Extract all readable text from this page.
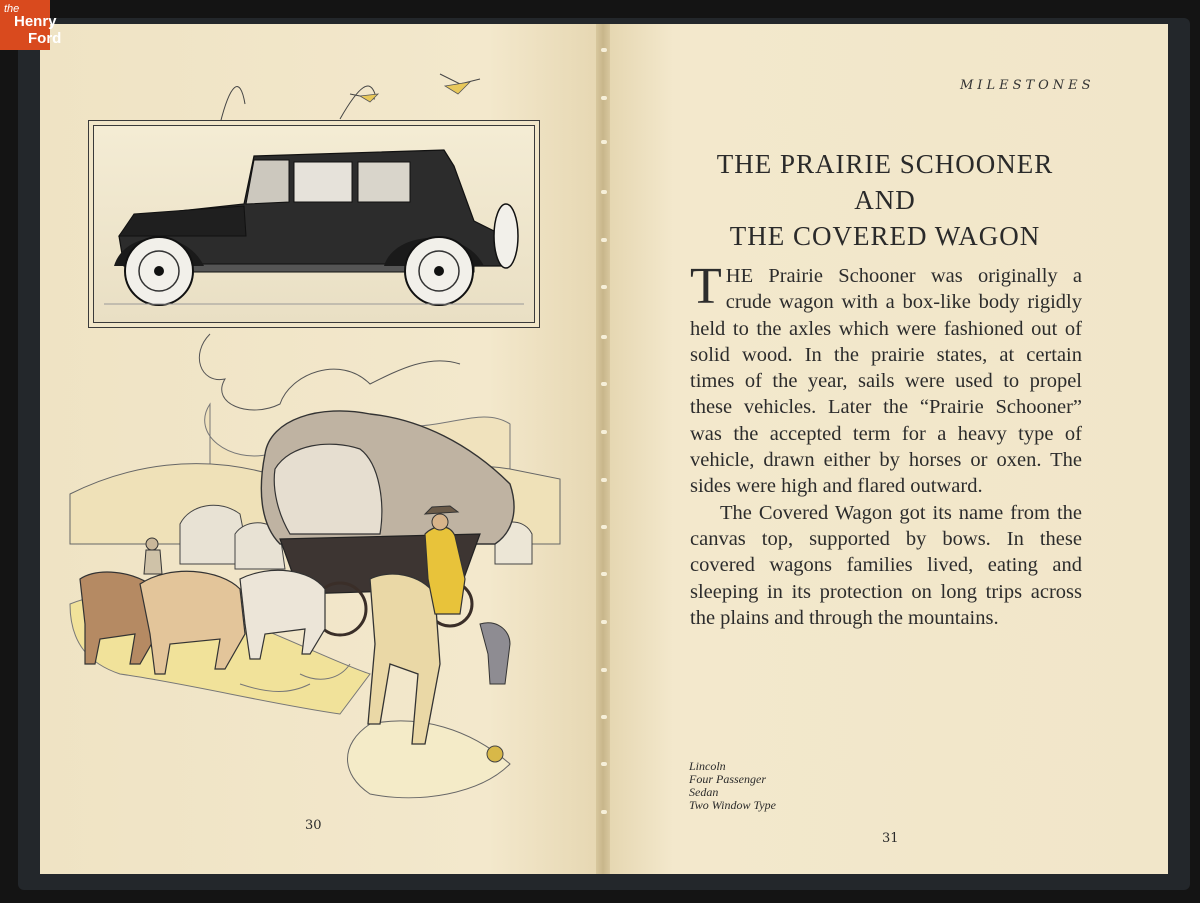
the
Henry
Ford
30
MILESTONES
THE PRAIRIE SCHOONER
AND
THE COVERED WAGON

THE Prairie Schooner was originally a crude wagon with a box-like body rigidly held to the axles which were fashioned out of solid wood. In the prairie states, at certain times of the year, sails were used to propel these vehicles. Later the “Prairie Schooner” was the accepted term for a heavy type of vehicle, drawn either by horses or oxen. The sides were high and flared outward.

The Covered Wagon got its name from the canvas top, supported by bows. In these covered wagons families lived, eating and sleeping in its protection on long trips across the plains and through the mountains.

Lincoln
Four Passenger
Sedan
Two Window Type
31
